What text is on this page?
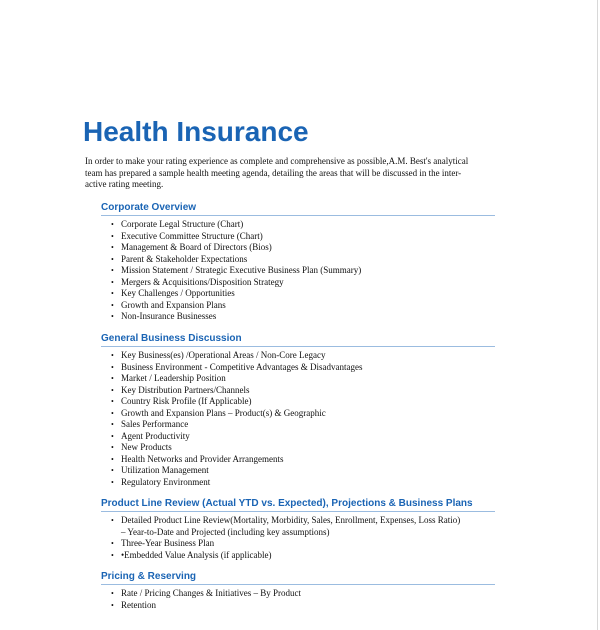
Health Insurance

In order to make your rating experience as complete and comprehensive as possible,A.M. Best's analytical
team has prepared a sample health meeting agenda, detailing the areas that will be discussed in the inter-
active rating meeting.

Corporate Overview
• Corporate Legal Structure (Chart)
• Executive Committee Structure (Chart)
• Management & Board of Directors (Bios)
• Parent & Stakeholder Expectations
• Mission Statement / Strategic Executive Business Plan (Summary)
• Mergers & Acquisitions/Disposition Strategy
• Key Challenges / Opportunities
• Growth and Expansion Plans
• Non-Insurance Businesses
General Business Discussion
• Key Business(es) /Operational Areas / Non-Core Legacy
• Business Environment - Competitive Advantages & Disadvantages
• Market / Leadership Position
• Key Distribution Partners/Channels
• Country Risk Profile (If Applicable)
• Growth and Expansion Plans – Product(s) & Geographic
• Sales Performance
• Agent Productivity
• New Products
• Health Networks and Provider Arrangements
• Utilization Management
• Regulatory Environment
Product Line Review (Actual YTD vs. Expected), Projections & Business Plans
• Detailed Product Line Review(Mortality, Morbidity, Sales, Enrollment, Expenses, Loss Ratio)
– Year-to-Date and Projected (including key assumptions)
• Three-Year Business Plan
• •Embedded Value Analysis (if applicable)
Pricing & Reserving
• Rate / Pricing Changes & Initiatives – By Product
• Retention
